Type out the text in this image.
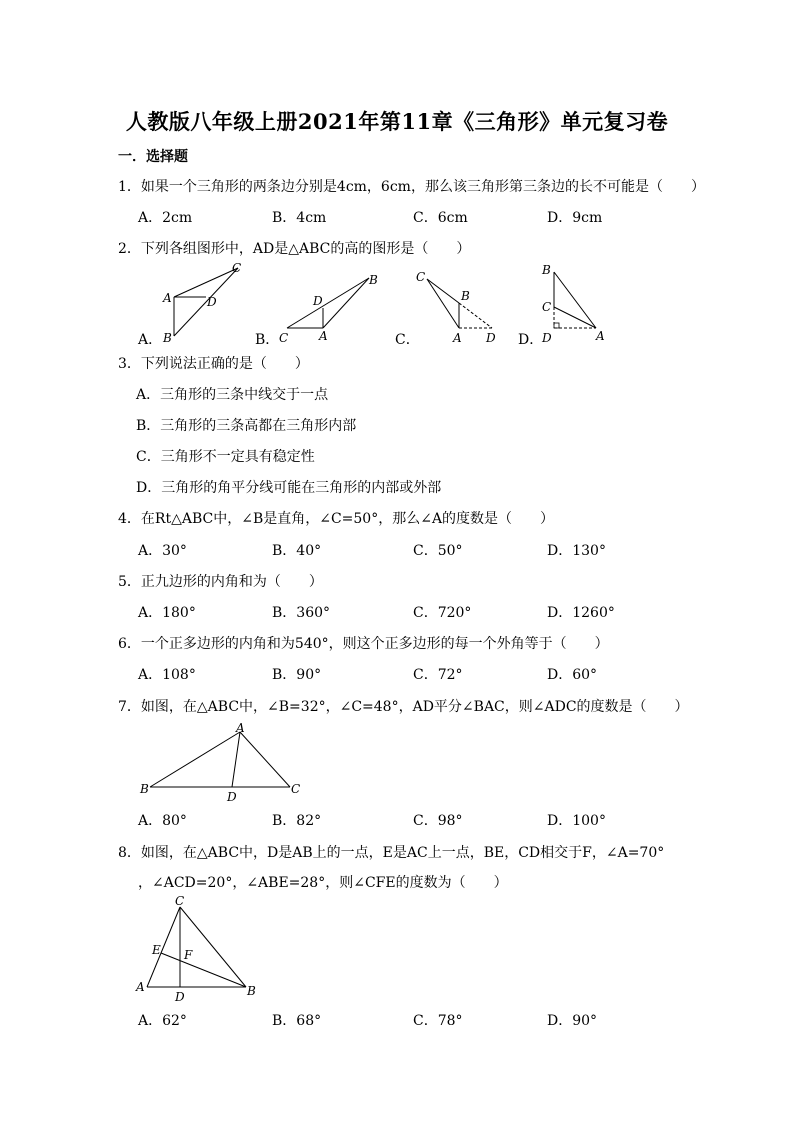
人教版八年级上册2021年第11章《三角形》单元复习卷
一．选择题
1．如果一个三角形的两条边分别是4cm，6cm，那么该三角形第三条边的长不可能是（　　）
A．2cm	B．4cm	C．6cm	D．9cm
2．下列各组图形中，AD是△ABC的高的图形是（　　）
A．
C
A	D
B	B．
D
B
C	A	C．
C
B
A D D．
B
C
D	A
3．下列说法正确的是（　　）
A．三角形的三条中线交于一点
B．三角形的三条高都在三角形内部
C．三角形不一定具有稳定性
D．三角形的角平分线可能在三角形的内部或外部
4．在Rt△ABC中，∠B是直角，∠C=50°，那么∠A的度数是（　　）
A．30°	B．40°	C．50°	D．130°
5．正九边形的内角和为（　　）
A．180°	B．360°	C．720°	D．1260°
6．一个正多边形的内角和为540°，则这个正多边形的每一个外角等于（　　）
A．108°	B．90°	C．72°	D．60°
7．如图，在△ABC中，∠B=32°，∠C=48°，AD平分∠BAC，则∠ADC的度数是（　　）
A
B
D
C
A．80°	B．82°	C．98°	D．100°
8．如图，在△ABC中，D是AB上的一点，E是AC上一点，BE，CD相交于F，∠A=70°
，∠ACD=20°，∠ABE=28°，则∠CFE的度数为（　　）
C
E F
A
D	B
A．62°	B．68°	C．78°	D．90°
